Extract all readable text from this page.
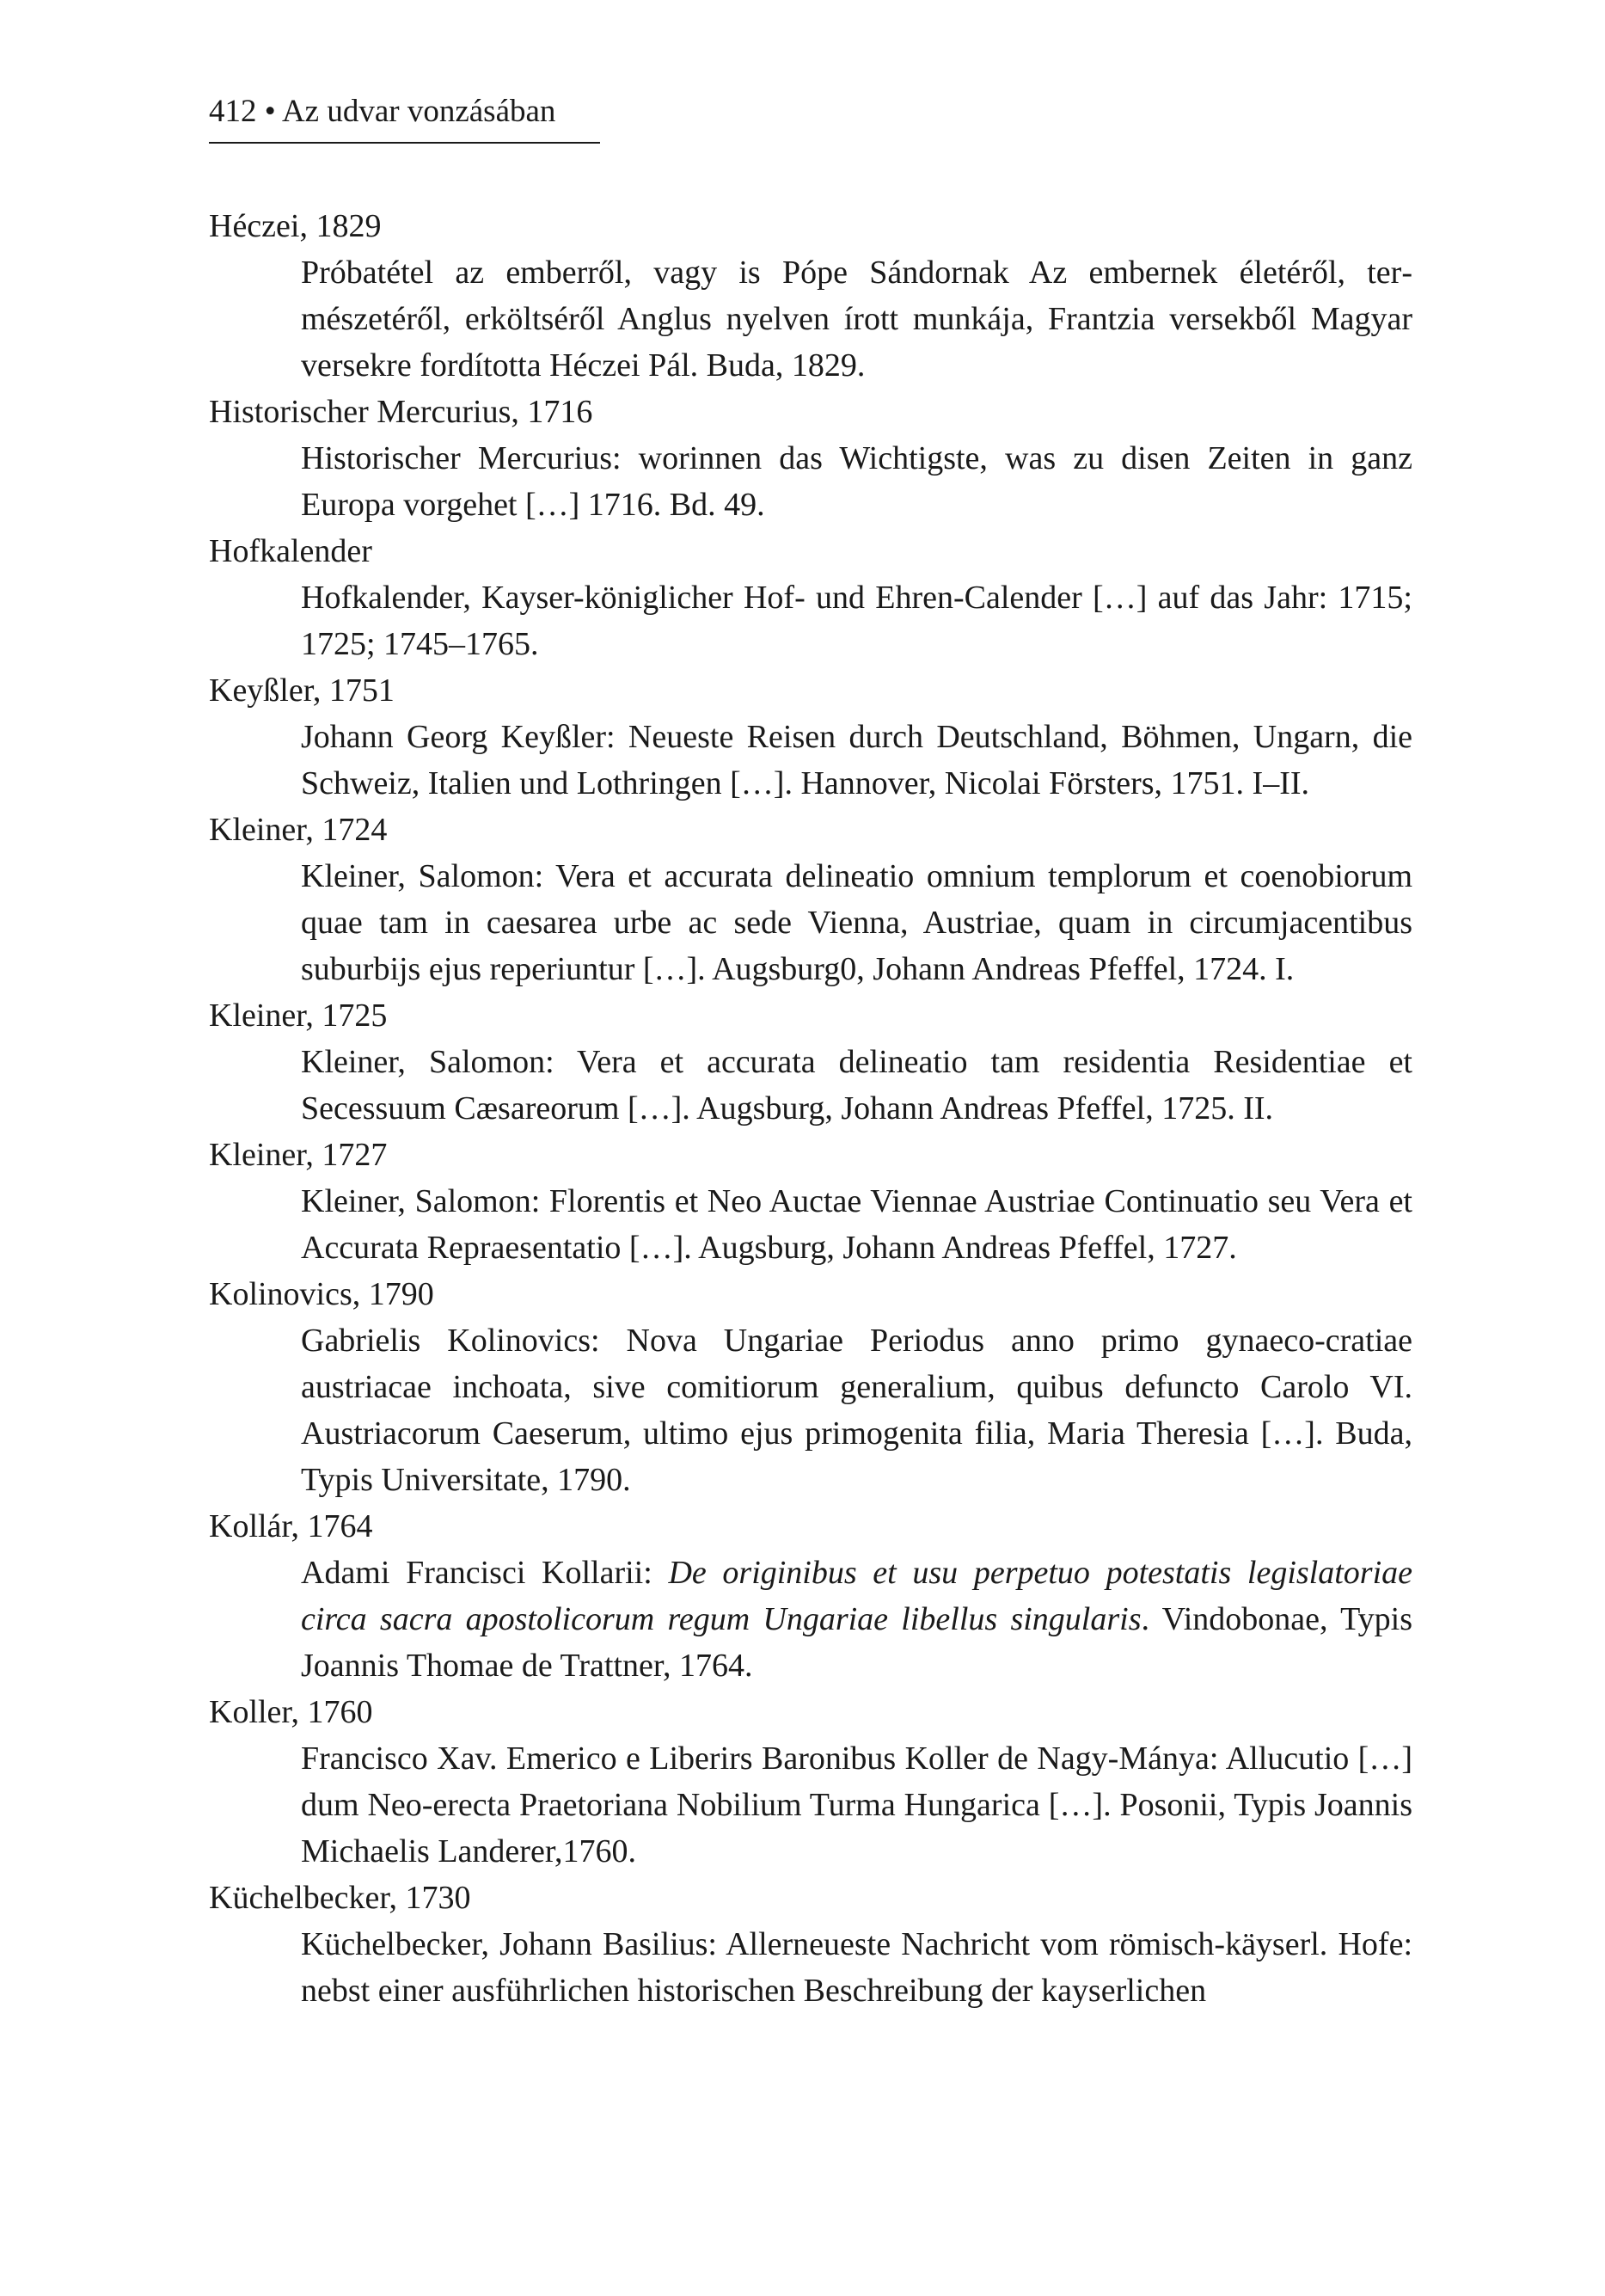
412 • Az udvar vonzásában
Héczei, 1829
Próbatétel az emberről, vagy is Pópe Sándornak Az embernek életéről, természetéről, erköltséről Anglus nyelven írott munkája, Frantzia versekből Magyar versekre fordította Héczei Pál. Buda, 1829.
Historischer Mercurius, 1716
Historischer Mercurius: worinnen das Wichtigste, was zu disen Zeiten in ganz Europa vorgehet […] 1716. Bd. 49.
Hofkalender
Hofkalender, Kayser-königlicher Hof- und Ehren-Calender […] auf das Jahr: 1715; 1725; 1745–1765.
Keyßler, 1751
Johann Georg Keyßler: Neueste Reisen durch Deutschland, Böhmen, Ungarn, die Schweiz, Italien und Lothringen […]. Hannover, Nicolai Försters, 1751. I–II.
Kleiner, 1724
Kleiner, Salomon: Vera et accurata delineatio omnium templorum et coenobiorum quae tam in caesarea urbe ac sede Vienna, Austriae, quam in circumjacentibus suburbijs ejus reperiuntur […]. Augsburg0, Johann Andreas Pfeffel, 1724. I.
Kleiner, 1725
Kleiner, Salomon: Vera et accurata delineatio tam residentia Residentiae et Secessuum Cæsareorum […]. Augsburg, Johann Andreas Pfeffel, 1725. II.
Kleiner, 1727
Kleiner, Salomon: Florentis et Neo Auctae Viennae Austriae Continuatio seu Vera et Accurata Repraesentatio […]. Augsburg, Johann Andreas Pfeffel, 1727.
Kolinovics, 1790
Gabrielis Kolinovics: Nova Ungariae Periodus anno primo gynaeco-cratiae austriacae inchoata, sive comitiorum generalium, quibus defuncto Carolo VI. Austriacorum Caeserum, ultimo ejus primogenita filia, Maria Theresia […]. Buda, Typis Universitate, 1790.
Kollár, 1764
Adami Francisci Kollarii: De originibus et usu perpetuo potestatis legislatoriae circa sacra apostolicorum regum Ungariae libellus singularis. Vindobonae, Typis Joannis Thomae de Trattner, 1764.
Koller, 1760
Francisco Xav. Emerico e Liberirs Baronibus Koller de Nagy-Mánya: Allucutio […] dum Neo-erecta Praetoriana Nobilium Turma Hungarica […]. Posonii, Typis Joannis Michaelis Landerer,1760.
Küchelbecker, 1730
Küchelbecker, Johann Basilius: Allerneueste Nachricht vom römisch-käyserl. Hofe: nebst einer ausführlichen historischen Beschreibung der kayserlichen
